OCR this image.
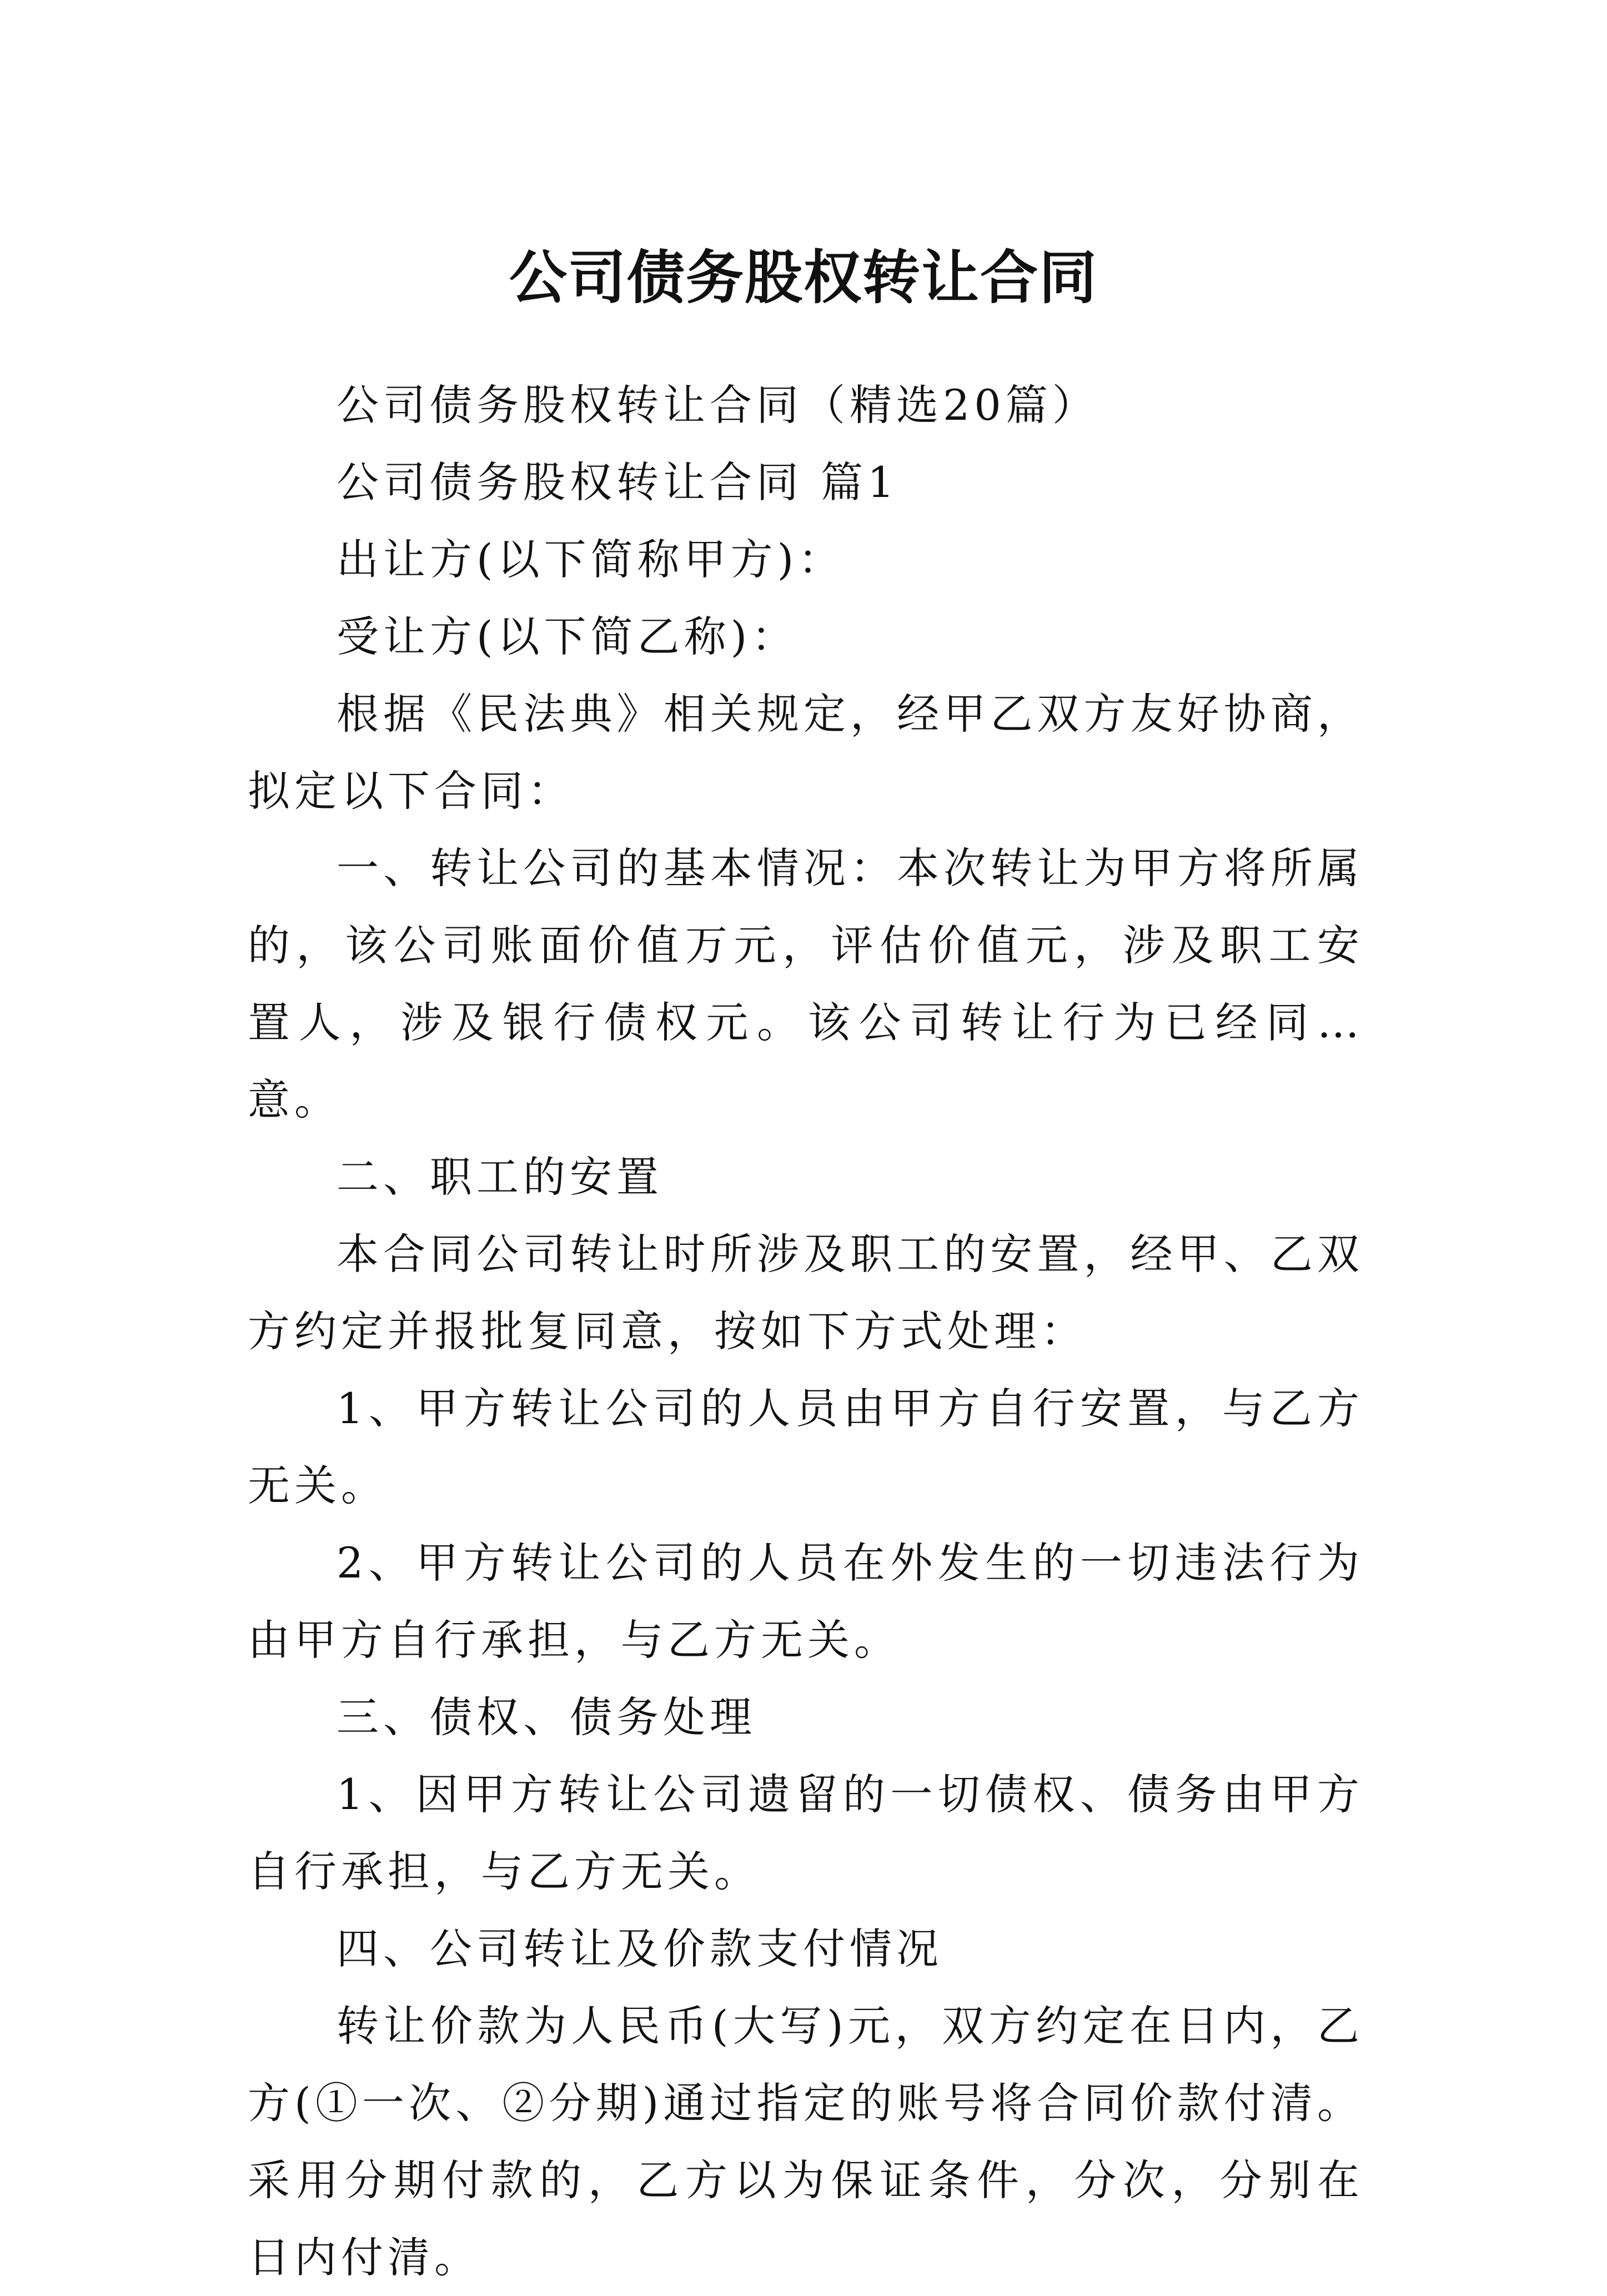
公司债务股权转让合同

公司债务股权转让合同（精选20篇）

公司债务股权转让合同 篇1

出让方(以下简称甲方)：

受让方(以下简乙称)：

根据《民法典》相关规定，经甲乙双方友好协商，拟定以下合同：

一、转让公司的基本情况：本次转让为甲方将所属的，该公司账面价值万元，评估价值元，涉及职工安置人，涉及银行债权元。该公司转让行为已经同…意。

二、职工的安置

本合同公司转让时所涉及职工的安置，经甲、乙双方约定并报批复同意，按如下方式处理：

1、甲方转让公司的人员由甲方自行安置，与乙方无关。

2、甲方转让公司的人员在外发生的一切违法行为由甲方自行承担，与乙方无关。

三、债权、债务处理

1、因甲方转让公司遗留的一切债权、债务由甲方自行承担，与乙方无关。

四、公司转让及价款支付情况

转让价款为人民币(大写)元，双方约定在日内，乙方(①一次、②分期)通过指定的账号将合同价款付清。采用分期付款的，乙方以为保证条件，分次，分别在日内付清。
